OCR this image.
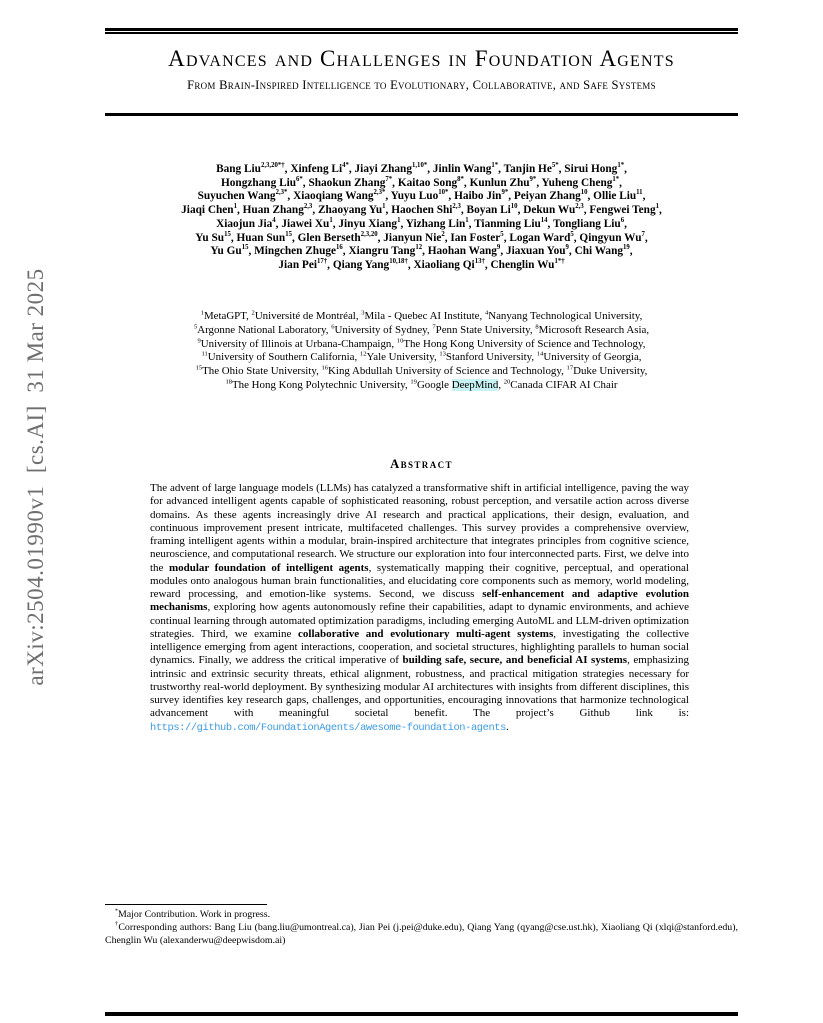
arXiv:2504.01990v1  [cs.AI]  31 Mar 2025
Advances and Challenges in Foundation Agents
From Brain-Inspired Intelligence to Evolutionary, Collaborative, and Safe Systems
Bang Liu$^{2,3,20*\dagger}$, Xinfeng $Li^{4*}$, Jiayi Zhang$^{1,10*}$, Jinlin Wang$^{1*}$, Tanjin $He^{5*}$, Sirui Hong$^{1*}$,
Hongzhang Liu$^{6*}$, Shaokun Zhang$^{7*}$, Kaitao Song$^{8*}$, Kunlun Zhu$^{9*}$, Yuheng Cheng$^{1*}$,
Suyuchen Wang$^{2,3*}$, Xiaoqiang Wang$^{2,3*}$, Yuyu Luo$^{10*}$, Haibo Jin$^{9*}$, Peiyan Zhang$^{10}$, Ollie Liu$^{11}$,
Jiaqi Chen$^1$, Huan Zhang$^{2,3}$, Zhaoyang Yu$^1$, Haochen Shi$^{2,3}$, Boyan Li$^{10}$, Dekun Wu$^{2,3}$, Fengwei Teng$^1$,
Xiaojun Jia$^4$, Jiawei Xu$^1$, Jinyu Xiang$^1$, Yizhang Lin$^1$, Tianming Liu$^{14}$, Tongliang Liu$^6$,
Yu Su$^{15}$, Huan Sun$^{15}$, Glen Berseth$^{2,3,20}$, Jianyun Nie$^2$, Ian Foster$^5$, Logan Ward$^5$, Qingyun Wu$^7$,
Yu Gu$^{15}$, Mingchen Zhuge$^{16}$, Xiangru Tang$^{12}$, Haohan Wang$^9$, Jiaxuan You$^9$, Chi Wang$^{19}$,
Jian Pei$^{17\dagger}$, Qiang Yang$^{10,18\dagger}$, Xiaoliang $Qi^{13\dagger}$, Chenglin $Wu^{1*\dagger}$
$^1$MetaGPT, $^2$Université de Montréal, $^3$Mila - Quebec AI Institute, $^4$Nanyang Technological University,
$^5$Argonne National Laboratory, $^6$University of Sydney, $^7$Penn State University, $^8$Microsoft Research Asia,
$^9$University of Illinois at Urbana-Champaign, $^{10}$The Hong Kong University of Science and Technology,
$^{11}$University of Southern California, $^{12}$Yale University, $^{13}$Stanford University, $^{14}$University of Georgia,
$^{15}$The Ohio State University, $^{16}$King Abdullah University of Science and Technology, $^{17}$Duke University,
$^{18}$The Hong Kong Polytechnic University, $^{19}$Google DeepMind, $^{20}$Canada CIFAR AI Chair
Abstract
The advent of large language models (LLMs) has catalyzed a transformative shift in artificial intelligence, paving the way for advanced intelligent agents capable of sophisticated reasoning, robust perception, and versatile action across diverse domains. As these agents increasingly drive AI research and practical applications, their design, evaluation, and continuous improvement present intricate, multifaceted challenges. This survey provides a comprehensive overview, framing intelligent agents within a modular, brain-inspired architecture that integrates principles from cognitive science, neuroscience, and computational research. We structure our exploration into four interconnected parts. First, we delve into the modular foundation of intelligent agents, systematically mapping their cognitive, perceptual, and operational modules onto analogous human brain functionalities, and elucidating core components such as memory, world modeling, reward processing, and emotion-like systems. Second, we discuss self-enhancement and adaptive evolution mechanisms, exploring how agents autonomously refine their capabilities, adapt to dynamic environments, and achieve continual learning through automated optimization paradigms, including emerging AutoML and LLM-driven optimization strategies. Third, we examine collaborative and evolutionary multi-agent systems, investigating the collective intelligence emerging from agent interactions, cooperation, and societal structures, highlighting parallels to human social dynamics. Finally, we address the critical imperative of building safe, secure, and beneficial AI systems, emphasizing intrinsic and extrinsic security threats, ethical alignment, robustness, and practical mitigation strategies necessary for trustworthy real-world deployment. By synthesizing modular AI architectures with insights from different disciplines, this survey identifies key research gaps, challenges, and opportunities, encouraging innovations that harmonize technological advancement with meaningful societal benefit. The project’s Github link is: https://github.com/FoundationAgents/awesome-foundation-agents.
*Major Contribution. Work in progress.
†Corresponding authors: Bang Liu (bang.liu@umontreal.ca), Jian Pei (j.pei@duke.edu), Qiang Yang (qyang@cse.ust.hk), Xiaoliang Qi (xlqi@stanford.edu), Chenglin Wu (alexanderwu@deepwisdom.ai)
